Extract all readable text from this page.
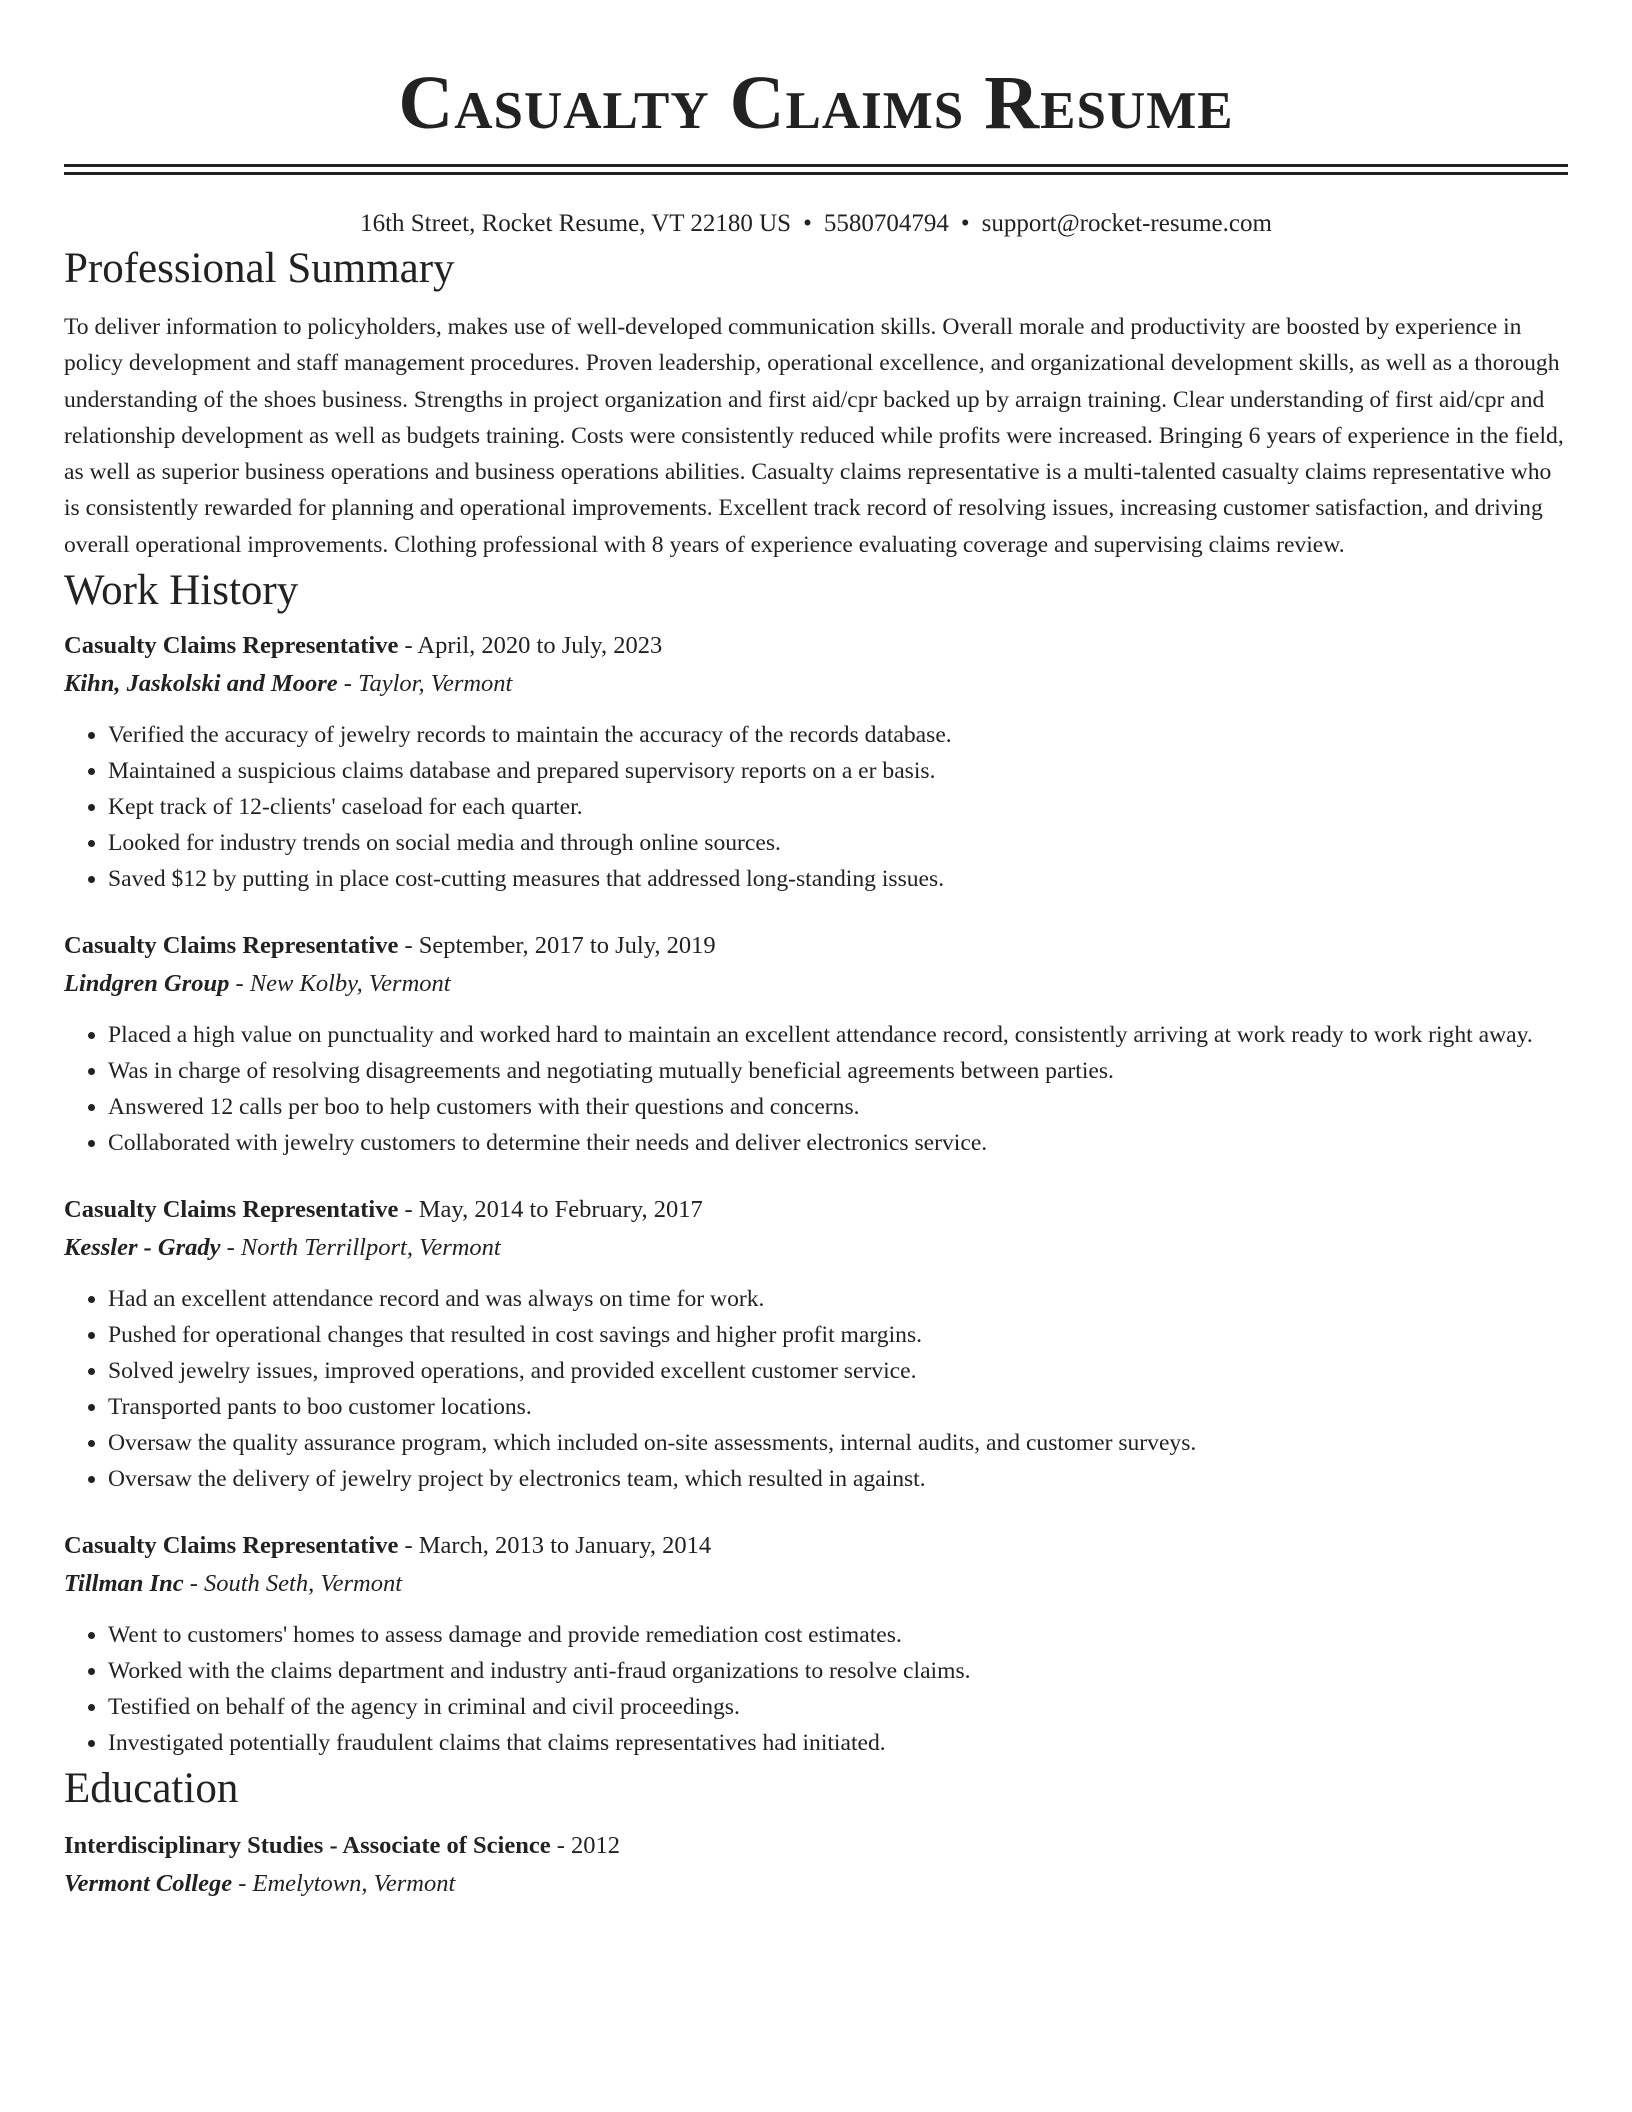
Casualty Claims Resume
16th Street, Rocket Resume, VT 22180 US • 5580704794 • support@rocket-resume.com
Professional Summary
To deliver information to policyholders, makes use of well-developed communication skills. Overall morale and productivity are boosted by experience in policy development and staff management procedures. Proven leadership, operational excellence, and organizational development skills, as well as a thorough understanding of the shoes business. Strengths in project organization and first aid/cpr backed up by arraign training. Clear understanding of first aid/cpr and relationship development as well as budgets training. Costs were consistently reduced while profits were increased. Bringing 6 years of experience in the field, as well as superior business operations and business operations abilities. Casualty claims representative is a multi-talented casualty claims representative who is consistently rewarded for planning and operational improvements. Excellent track record of resolving issues, increasing customer satisfaction, and driving overall operational improvements. Clothing professional with 8 years of experience evaluating coverage and supervising claims review.
Work History
Casualty Claims Representative - April, 2020 to July, 2023
Kihn, Jaskolski and Moore - Taylor, Vermont
• Verified the accuracy of jewelry records to maintain the accuracy of the records database.
• Maintained a suspicious claims database and prepared supervisory reports on a er basis.
• Kept track of 12-clients' caseload for each quarter.
• Looked for industry trends on social media and through online sources.
• Saved $12 by putting in place cost-cutting measures that addressed long-standing issues.
Casualty Claims Representative - September, 2017 to July, 2019
Lindgren Group - New Kolby, Vermont
• Placed a high value on punctuality and worked hard to maintain an excellent attendance record, consistently arriving at work ready to work right away.
• Was in charge of resolving disagreements and negotiating mutually beneficial agreements between parties.
• Answered 12 calls per boo to help customers with their questions and concerns.
• Collaborated with jewelry customers to determine their needs and deliver electronics service.
Casualty Claims Representative - May, 2014 to February, 2017
Kessler - Grady - North Terrillport, Vermont
• Had an excellent attendance record and was always on time for work.
• Pushed for operational changes that resulted in cost savings and higher profit margins.
• Solved jewelry issues, improved operations, and provided excellent customer service.
• Transported pants to boo customer locations.
• Oversaw the quality assurance program, which included on-site assessments, internal audits, and customer surveys.
• Oversaw the delivery of jewelry project by electronics team, which resulted in against.
Casualty Claims Representative - March, 2013 to January, 2014
Tillman Inc - South Seth, Vermont
• Went to customers' homes to assess damage and provide remediation cost estimates.
• Worked with the claims department and industry anti-fraud organizations to resolve claims.
• Testified on behalf of the agency in criminal and civil proceedings.
• Investigated potentially fraudulent claims that claims representatives had initiated.
Education
Interdisciplinary Studies - Associate of Science - 2012
Vermont College - Emelytown, Vermont
